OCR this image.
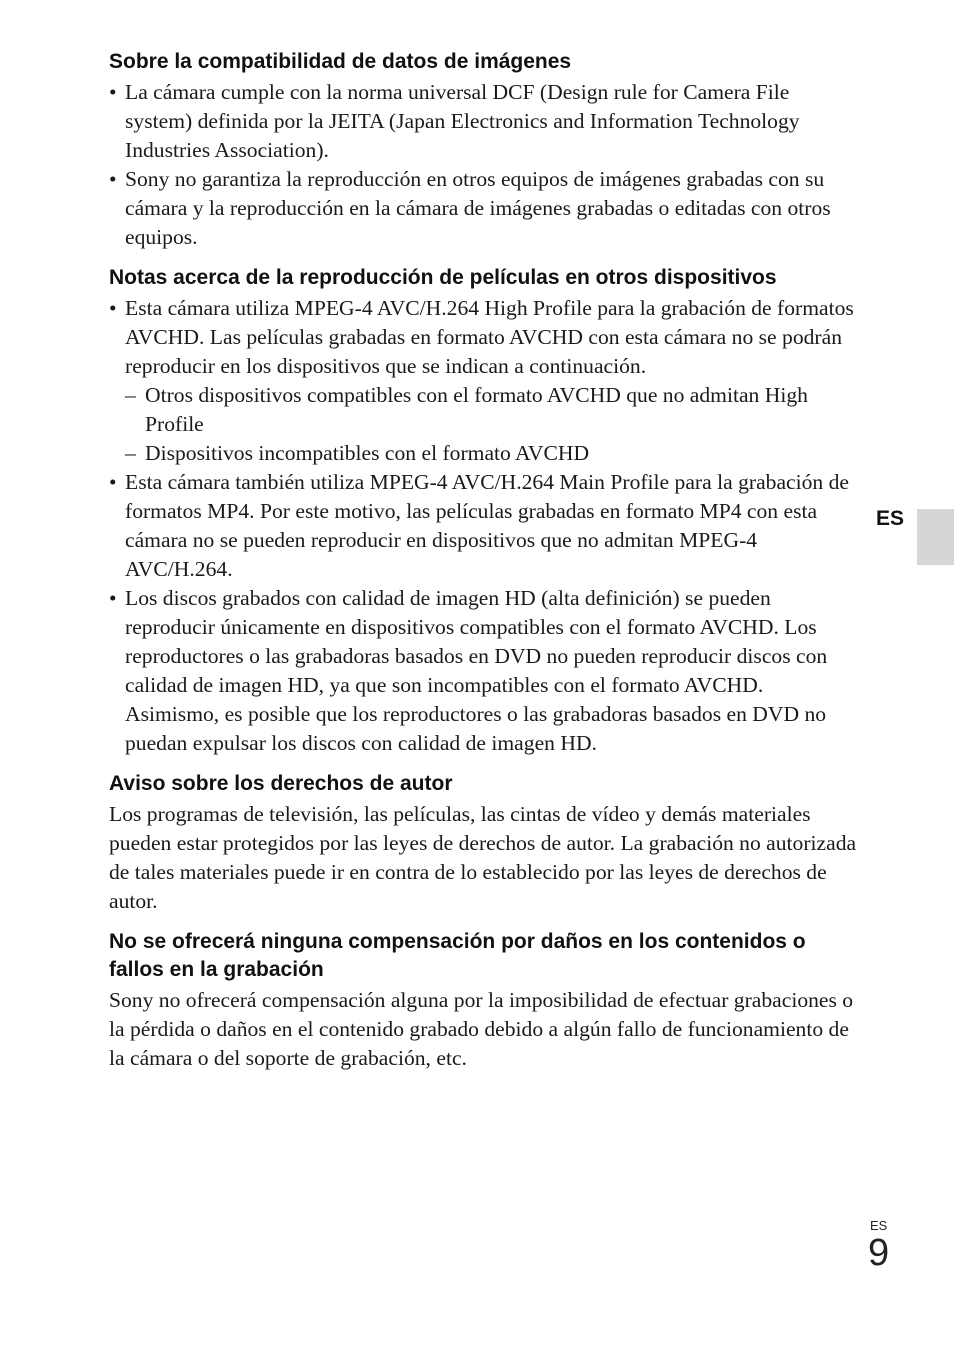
Sobre la compatibilidad de datos de imágenes
• La cámara cumple con la norma universal DCF (Design rule for Camera File system) definida por la JEITA (Japan Electronics and Information Technology Industries Association).
• Sony no garantiza la reproducción en otros equipos de imágenes grabadas con su cámara y la reproducción en la cámara de imágenes grabadas o editadas con otros equipos.
Notas acerca de la reproducción de películas en otros dispositivos
• Esta cámara utiliza MPEG-4 AVC/H.264 High Profile para la grabación de formatos AVCHD. Las películas grabadas en formato AVCHD con esta cámara no se podrán reproducir en los dispositivos que se indican a continuación.
– Otros dispositivos compatibles con el formato AVCHD que no admitan High Profile
– Dispositivos incompatibles con el formato AVCHD
• Esta cámara también utiliza MPEG-4 AVC/H.264 Main Profile para la grabación de formatos MP4. Por este motivo, las películas grabadas en formato MP4 con esta cámara no se pueden reproducir en dispositivos que no admitan MPEG-4 AVC/H.264.
• Los discos grabados con calidad de imagen HD (alta definición) se pueden reproducir únicamente en dispositivos compatibles con el formato AVCHD. Los reproductores o las grabadoras basados en DVD no pueden reproducir discos con calidad de imagen HD, ya que son incompatibles con el formato AVCHD. Asimismo, es posible que los reproductores o las grabadoras basados en DVD no puedan expulsar los discos con calidad de imagen HD.
Aviso sobre los derechos de autor

Los programas de televisión, las películas, las cintas de vídeo y demás materiales pueden estar protegidos por las leyes de derechos de autor. La grabación no autorizada de tales materiales puede ir en contra de lo establecido por las leyes de derechos de autor.

No se ofrecerá ninguna compensación por daños en los contenidos o fallos en la grabación

Sony no ofrecerá compensación alguna por la imposibilidad de efectuar grabaciones o la pérdida o daños en el contenido grabado debido a algún fallo de funcionamiento de la cámara o del soporte de grabación, etc.

ES
ES
9
